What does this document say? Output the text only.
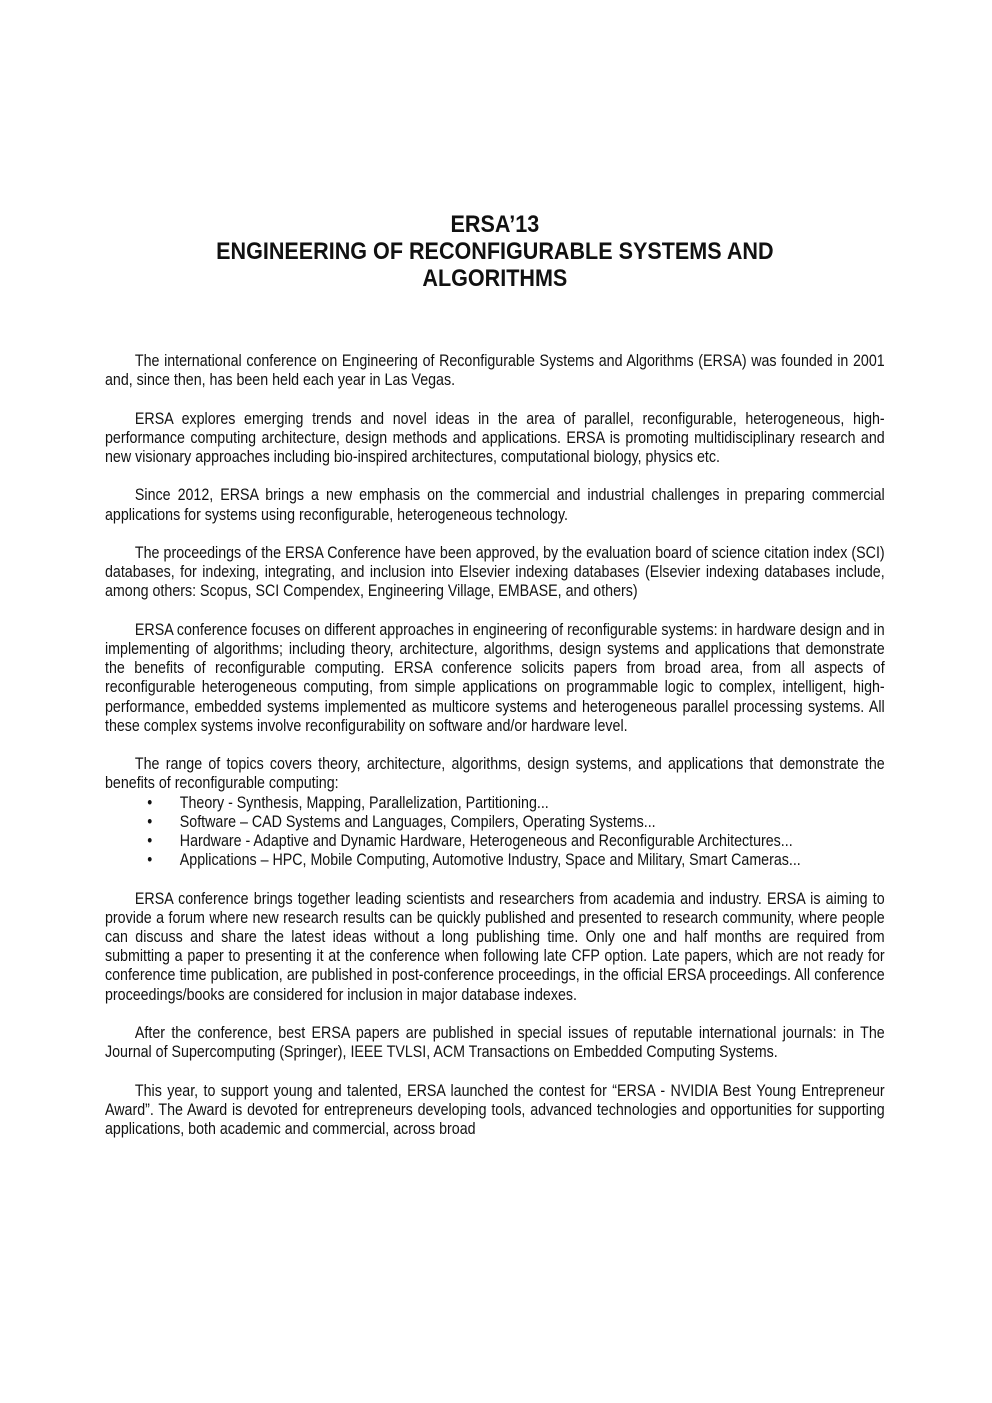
ERSA’13
ENGINEERING OF RECONFIGURABLE SYSTEMS AND
ALGORITHMS

The international conference on Engineering of Reconfigurable Systems and Algorithms (ERSA) was founded in 2001 and, since then, has been held each year in Las Vegas.

ERSA explores emerging trends and novel ideas in the area of parallel, reconfigurable, heterogeneous, high-performance computing architecture, design methods and applications. ERSA is promoting multidisciplinary research and new visionary approaches including bio-inspired architectures, computational biology, physics etc.

Since 2012, ERSA brings a new emphasis on the commercial and industrial challenges in preparing commercial applications for systems using reconfigurable, heterogeneous technology.

The proceedings of the ERSA Conference have been approved, by the evaluation board of science citation index (SCI) databases, for indexing, integrating, and inclusion into Elsevier indexing databases (Elsevier indexing databases include, among others: Scopus, SCI Compendex, Engineering Village, EMBASE, and others)

ERSA conference focuses on different approaches in engineering of reconfigurable systems: in hardware design and in implementing of algorithms; including theory, architecture, algorithms, design systems and applications that demonstrate the benefits of reconfigurable computing. ERSA conference solicits papers from broad area, from all aspects of reconfigurable heterogeneous computing, from simple applications on programmable logic to complex, intelligent, high-performance, embedded systems implemented as multicore systems and heterogeneous parallel processing systems. All these complex systems involve reconfigurability on software and/or hardware level.

The range of topics covers theory, architecture, algorithms, design systems, and applications that demonstrate the benefits of reconfigurable computing:

• Theory - Synthesis, Mapping, Parallelization, Partitioning...
• Software – CAD Systems and Languages, Compilers, Operating Systems...
• Hardware - Adaptive and Dynamic Hardware, Heterogeneous and Reconfigurable Architectures...
• Applications – HPC, Mobile Computing, Automotive Industry, Space and Military, Smart Cameras...

ERSA conference brings together leading scientists and researchers from academia and industry. ERSA is aiming to provide a forum where new research results can be quickly published and presented to research community, where people can discuss and share the latest ideas without a long publishing time. Only one and half months are required from submitting a paper to presenting it at the conference when following late CFP option. Late papers, which are not ready for conference time publication, are published in post-conference proceedings, in the official ERSA proceedings. All conference proceedings/books are considered for inclusion in major database indexes.

After the conference, best ERSA papers are published in special issues of reputable international journals: in The Journal of Supercomputing (Springer), IEEE TVLSI, ACM Transactions on Embedded Computing Systems.

This year, to support young and talented, ERSA launched the contest for “ERSA - NVIDIA Best Young Entrepreneur Award”. The Award is devoted for entrepreneurs developing tools, advanced technologies and opportunities for supporting applications, both academic and commercial, across broad
